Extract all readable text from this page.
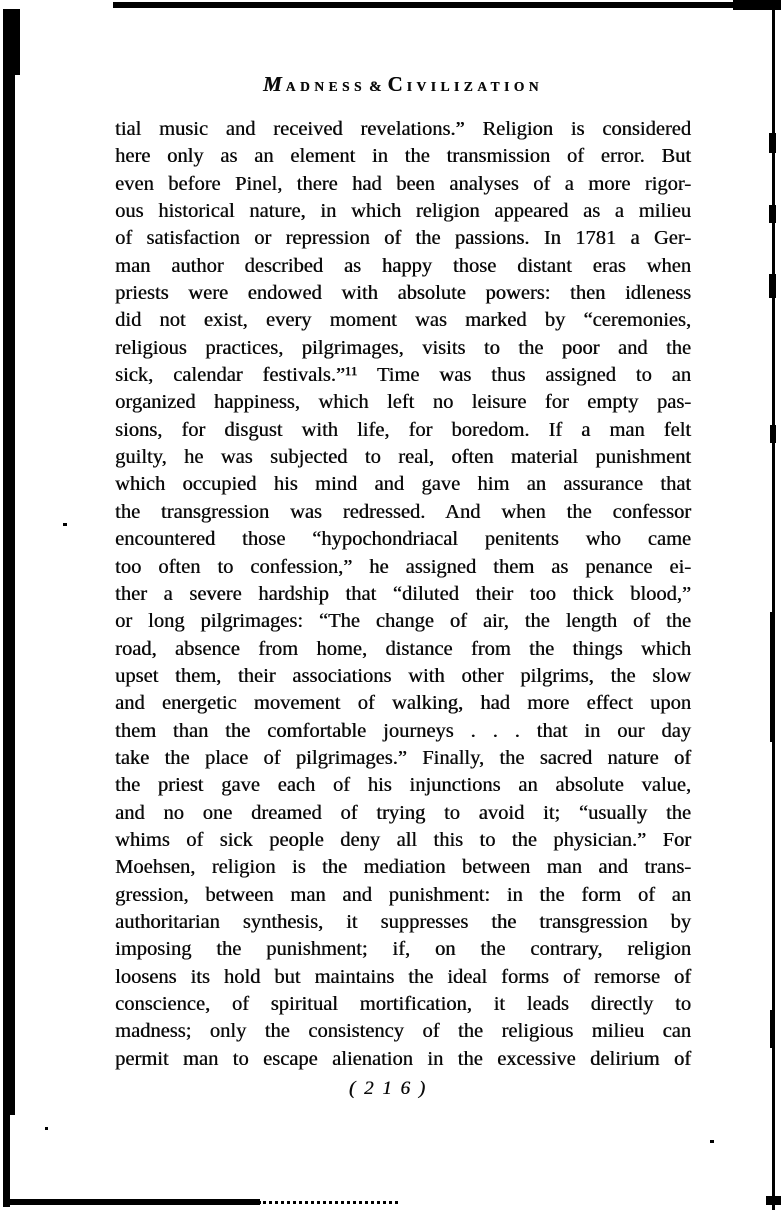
MADNESS & CIVILIZATION
tial music and received revelations.” Religion is considered
here only as an element in the transmission of error. But
even before Pinel, there had been analyses of a more rigor-
ous historical nature, in which religion appeared as a milieu
of satisfaction or repression of the passions. In 1781 a Ger-
man author described as happy those distant eras when
priests were endowed with absolute powers: then idleness
did not exist, every moment was marked by “ceremonies,
religious practices, pilgrimages, visits to the poor and the
sick, calendar festivals.”¹¹ Time was thus assigned to an
organized happiness, which left no leisure for empty pas-
sions, for disgust with life, for boredom. If a man felt
guilty, he was subjected to real, often material punishment
which occupied his mind and gave him an assurance that
the transgression was redressed. And when the confessor
encountered those “hypochondriacal penitents who came
too often to confession,” he assigned them as penance ei-
ther a severe hardship that “diluted their too thick blood,”
or long pilgrimages: “The change of air, the length of the
road, absence from home, distance from the things which
upset them, their associations with other pilgrims, the slow
and energetic movement of walking, had more effect upon
them than the comfortable journeys . . . that in our day
take the place of pilgrimages.” Finally, the sacred nature of
the priest gave each of his injunctions an absolute value,
and no one dreamed of trying to avoid it; “usually the
whims of sick people deny all this to the physician.” For
Moehsen, religion is the mediation between man and trans-
gression, between man and punishment: in the form of an
authoritarian synthesis, it suppresses the transgression by
imposing the punishment; if, on the contrary, religion
loosens its hold but maintains the ideal forms of remorse of
conscience, of spiritual mortification, it leads directly to
madness; only the consistency of the religious milieu can
permit man to escape alienation in the excessive delirium of
( 2 1 6 )
